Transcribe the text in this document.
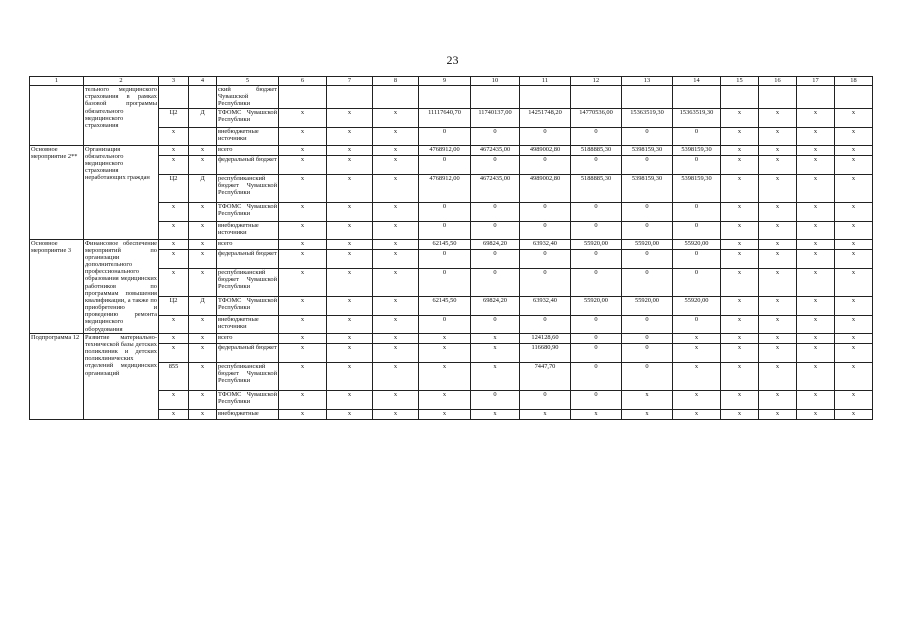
23
1	2	3	4	5	6	7	8	9	10	11	12	13	14	15	16	17	18
	тельного медицинского страхования в рамках базовой программы обязательного медицинского страхования			ский бюджет Чувашской Республики													
		Ц2	Д	ТФОМС Чувашской Республики	x	x	x	11117640,70	11740137,00	14251748,20	14770536,00	15363519,30	15363519,30	x	x	x	x
		x		внебюджетные источники	x	x	x	0	0	0	0	0	0	x	x	x	x
Основное мероприятие 2**	Организация обязательного медицинского страхования неработающих граждан	x	x	всего	x	x	x	4768912,00	4672435,00	4989002,80	5188885,30	5398159,30	5398159,30	x	x	x	x
		x	x	федеральный бюджет	x	x	x	0	0	0	0	0	0	x	x	x	x
		Ц2	Д	республиканский бюджет Чувашской Республики	x	x	x	4768912,00	4672435,00	4989002,80	5188885,30	5398159,30	5398159,30	x	x	x	x
		x	x	ТФОМС Чувашской Республики	x	x	x	0	0	0	0	0	0	x	x	x	x
		x	x	внебюджетные источники	x	x	x	0	0	0	0	0	0	x	x	x	x
Основное мероприятие 3	Финансовое обеспечение мероприятий по организации дополнительного профессионального образования медицинских работников по программам повышения квалификации, а также по приобретению и проведению ремонта медицинского оборудования	x	x	всего	x	x	x	62145,50	69824,20	63932,40	55920,00	55920,00	55920,00	x	x	x	x
		x	x	федеральный бюджет	x	x	x	0	0	0	0	0	0	x	x	x	x
		x	x	республиканский бюджет Чувашской Республики	x	x	x	0	0	0	0	0	0	x	x	x	x
		Ц2	Д	ТФОМС Чувашской Республики	x	x	x	62145,50	69824,20	63932,40	55920,00	55920,00	55920,00	x	x	x	x
		x	x	внебюджетные источники	x	x	x	0	0	0	0	0	0	x	x	x	x
Подпрограмма 12	Развитие материально-технической базы детских поликлиник и детских поликлинических отделений медицинских организаций	x	x	всего	x	x	x	x	x	124128,60	0	0	x	x	x	x	x
		x	x	федеральный бюджет	x	x	x	x	x	116680,90	0	0	x	x	x	x	x
		855	x	республиканский бюджет Чувашской Республики	x	x	x	x	x	7447,70	0	0	x	x	x	x	x
		x	x	ТФОМС Чувашской Республики	x	x	x	x	0	0	0	x	x	x	x	x	x
		x	x	внебюджетные	x	x	x	x	x	x	x	x	x	x	x	x	x
